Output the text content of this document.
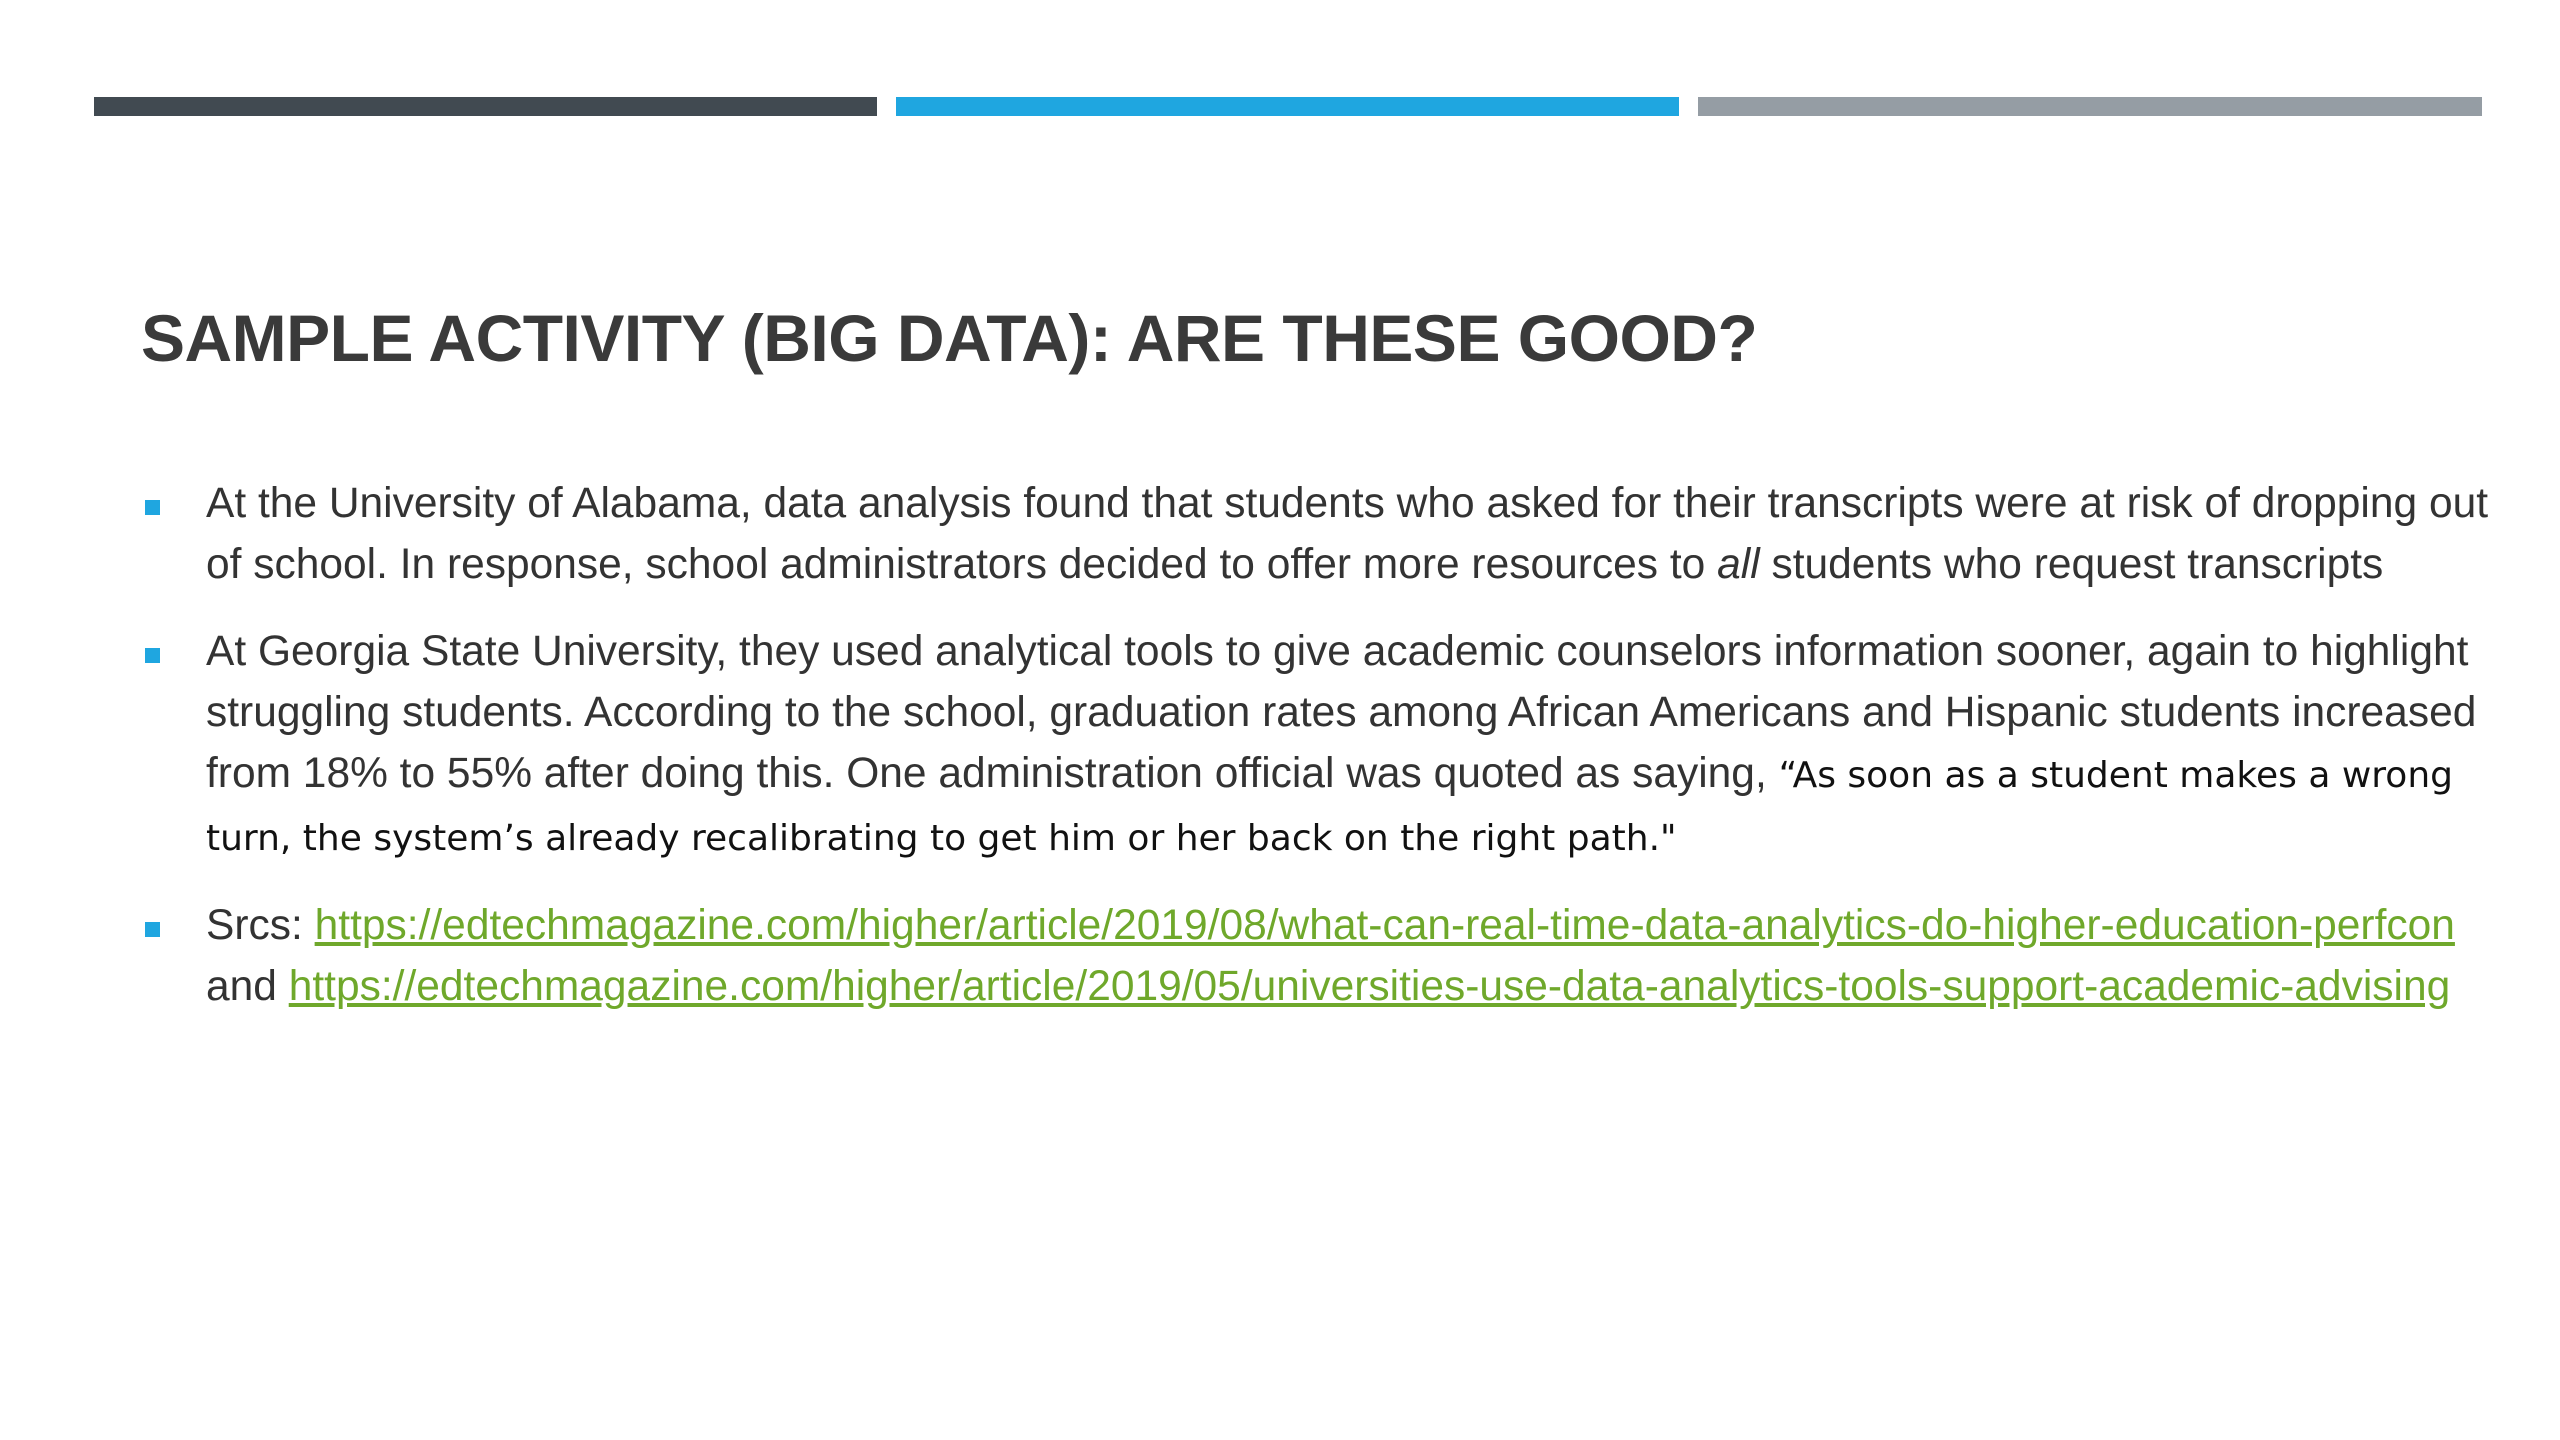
SAMPLE ACTIVITY (BIG DATA): ARE THESE GOOD?
At the University of Alabama, data analysis found that students who asked for their transcripts were at risk of dropping out of school. In response, school administrators decided to offer more resources to all students who request transcripts
At Georgia State University, they used analytical tools to give academic counselors information sooner, again to highlight struggling students. According to the school, graduation rates among African Americans and Hispanic students increased from 18% to 55% after doing this. One administration official was quoted as saying, “As soon as a student makes a wrong turn, the system’s already recalibrating to get him or her back on the right path."
Srcs: https://edtechmagazine.com/higher/article/2019/08/what-can-real-time-data-analytics-do-higher-education-perfcon and https://edtechmagazine.com/higher/article/2019/05/universities-use-data-analytics-tools-support-academic-advising
